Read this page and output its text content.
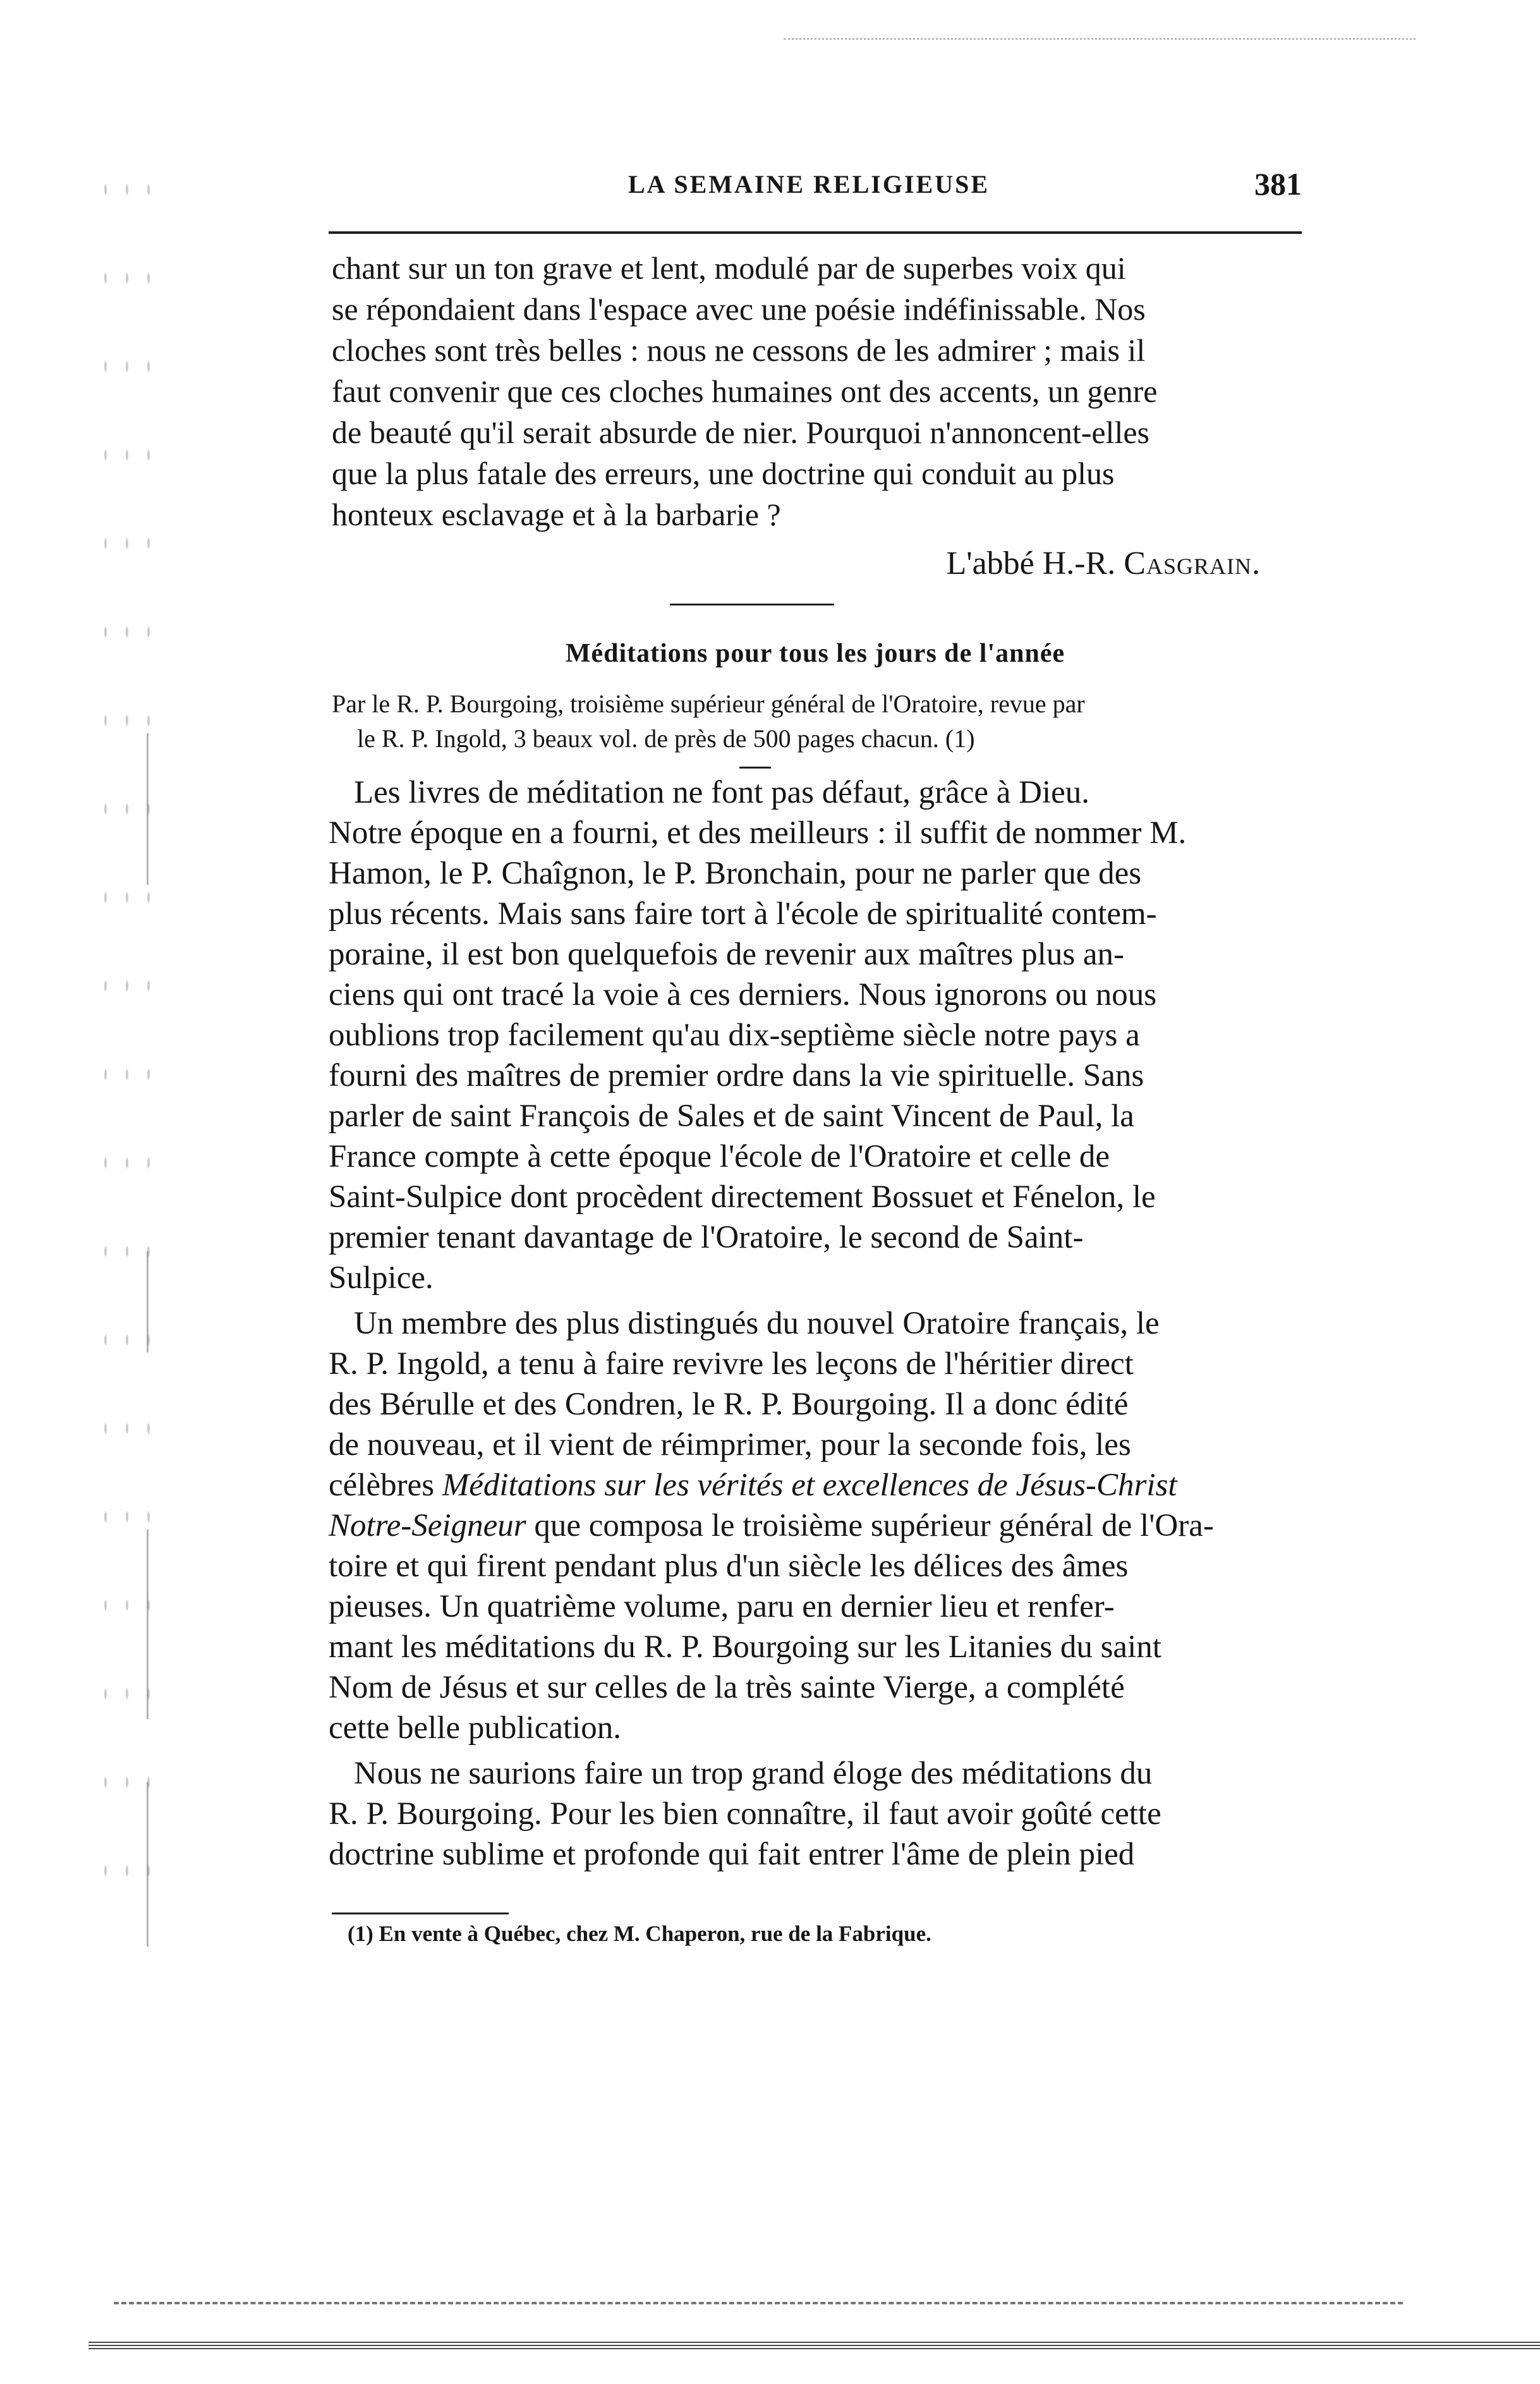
LA SEMAINE RELIGIEUSE	381

chant sur un ton grave et lent, modulé par de superbes voix qui

se répondaient dans l'espace avec une poésie indéfinissable. Nos

cloches sont très belles : nous ne cessons de les admirer ; mais il

faut convenir que ces cloches humaines ont des accents, un genre

de beauté qu'il serait absurde de nier. Pourquoi n'annoncent-elles

que la plus fatale des erreurs, une doctrine qui conduit au plus

honteux esclavage et à la barbarie ?

L'abbé H.-R. Casgrain.
Méditations pour tous les jours de l'année

Par le R. P. Bourgoing, troisième supérieur général de l'Oratoire, revue par

le R. P. Ingold, 3 beaux vol. de près de 500 pages chacun. (1)

Les livres de méditation ne font pas défaut, grâce à Dieu.

Notre époque en a fourni, et des meilleurs : il suffit de nommer M.

Hamon, le P. Chaîgnon, le P. Bronchain, pour ne parler que des

plus récents. Mais sans faire tort à l'école de spiritualité contem-

poraine, il est bon quelquefois de revenir aux maîtres plus an-

ciens qui ont tracé la voie à ces derniers. Nous ignorons ou nous

oublions trop facilement qu'au dix-septième siècle notre pays a

fourni des maîtres de premier ordre dans la vie spirituelle. Sans

parler de saint François de Sales et de saint Vincent de Paul, la

France compte à cette époque l'école de l'Oratoire et celle de

Saint-Sulpice dont procèdent directement Bossuet et Fénelon, le

premier tenant davantage de l'Oratoire, le second de Saint-

Sulpice.

Un membre des plus distingués du nouvel Oratoire français, le

R. P. Ingold, a tenu à faire revivre les leçons de l'héritier direct

des Bérulle et des Condren, le R. P. Bourgoing. Il a donc édité

de nouveau, et il vient de réimprimer, pour la seconde fois, les

célèbres Méditations sur les vérités et excellences de Jésus-Christ

Notre-Seigneur que composa le troisième supérieur général de l'Ora-

toire et qui firent pendant plus d'un siècle les délices des âmes

pieuses. Un quatrième volume, paru en dernier lieu et renfer-

mant les méditations du R. P. Bourgoing sur les Litanies du saint

Nom de Jésus et sur celles de la très sainte Vierge, a complété

cette belle publication.

Nous ne saurions faire un trop grand éloge des méditations du

R. P. Bourgoing. Pour les bien connaître, il faut avoir goûté cette

doctrine sublime et profonde qui fait entrer l'âme de plein pied

(1) En vente à Québec, chez M. Chaperon, rue de la Fabrique.
